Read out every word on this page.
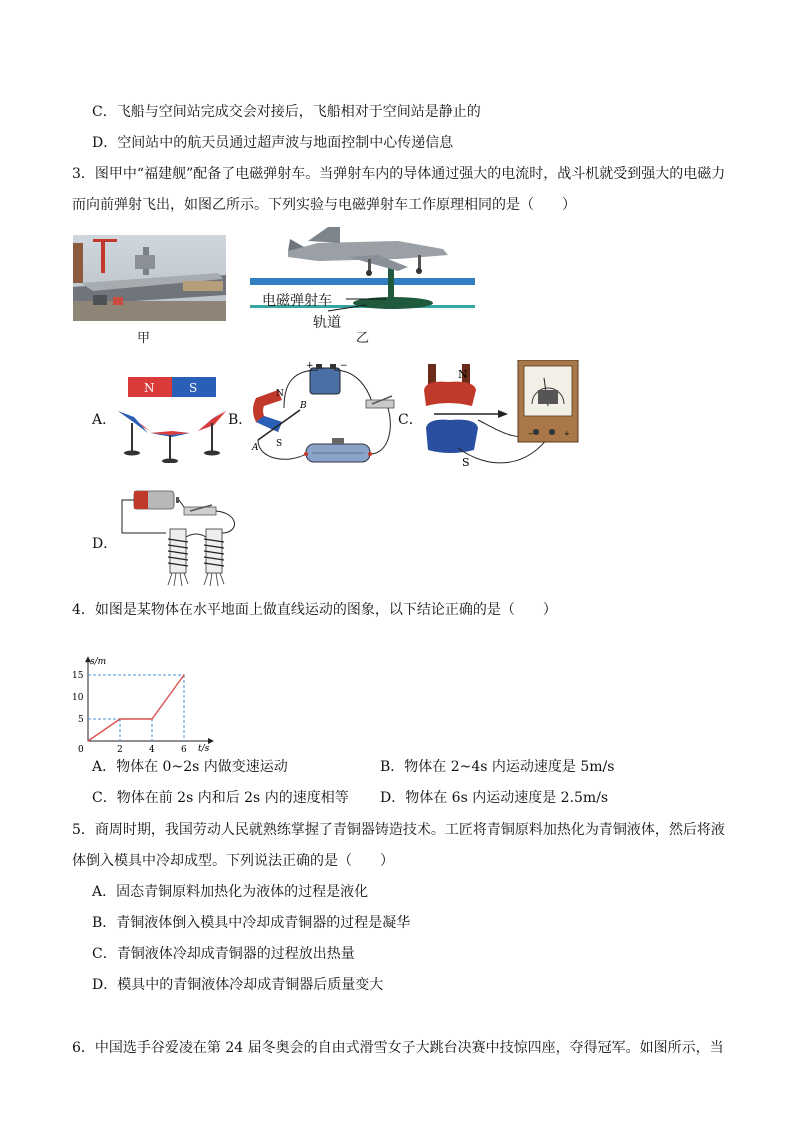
C．飞船与空间站完成交会对接后，飞船相对于空间站是静止的
D．空间站中的航天员通过超声波与地面控制中心传递信息
3．图甲中“福建舰”配备了电磁弹射车。当弹射车内的导体通过强大的电流时，战斗机就受到强大的电磁力
而向前弹射飞出，如图乙所示。下列实验与电磁弹射车工作原理相同的是（　　）
甲
电磁弹射车
轨道
乙
A．
N	S
B．
+	−
N
S
A
B
C．
N
S
−	+
D．
4．如图是某物体在水平地面上做直线运动的图象，以下结论正确的是（　　）
s/m
t/s
0	2	4	6
5
10
15
A．物体在 0~2s 内做变速运动	B．物体在 2~4s 内运动速度是 5m/s
C．物体在前 2s 内和后 2s 内的速度相等 D．物体在 6s 内运动速度是 2.5m/s
5．商周时期，我国劳动人民就熟练掌握了青铜器铸造技术。工匠将青铜原料加热化为青铜液体，然后将液
体倒入模具中冷却成型。下列说法正确的是（　　）
A．固态青铜原料加热化为液体的过程是液化
B．青铜液体倒入模具中冷却成青铜器的过程是凝华
C．青铜液体冷却成青铜器的过程放出热量
D．模具中的青铜液体冷却成青铜器后质量变大
6．中国选手谷爱凌在第 24 届冬奥会的自由式滑雪女子大跳台决赛中技惊四座，夺得冠军。如图所示，当
